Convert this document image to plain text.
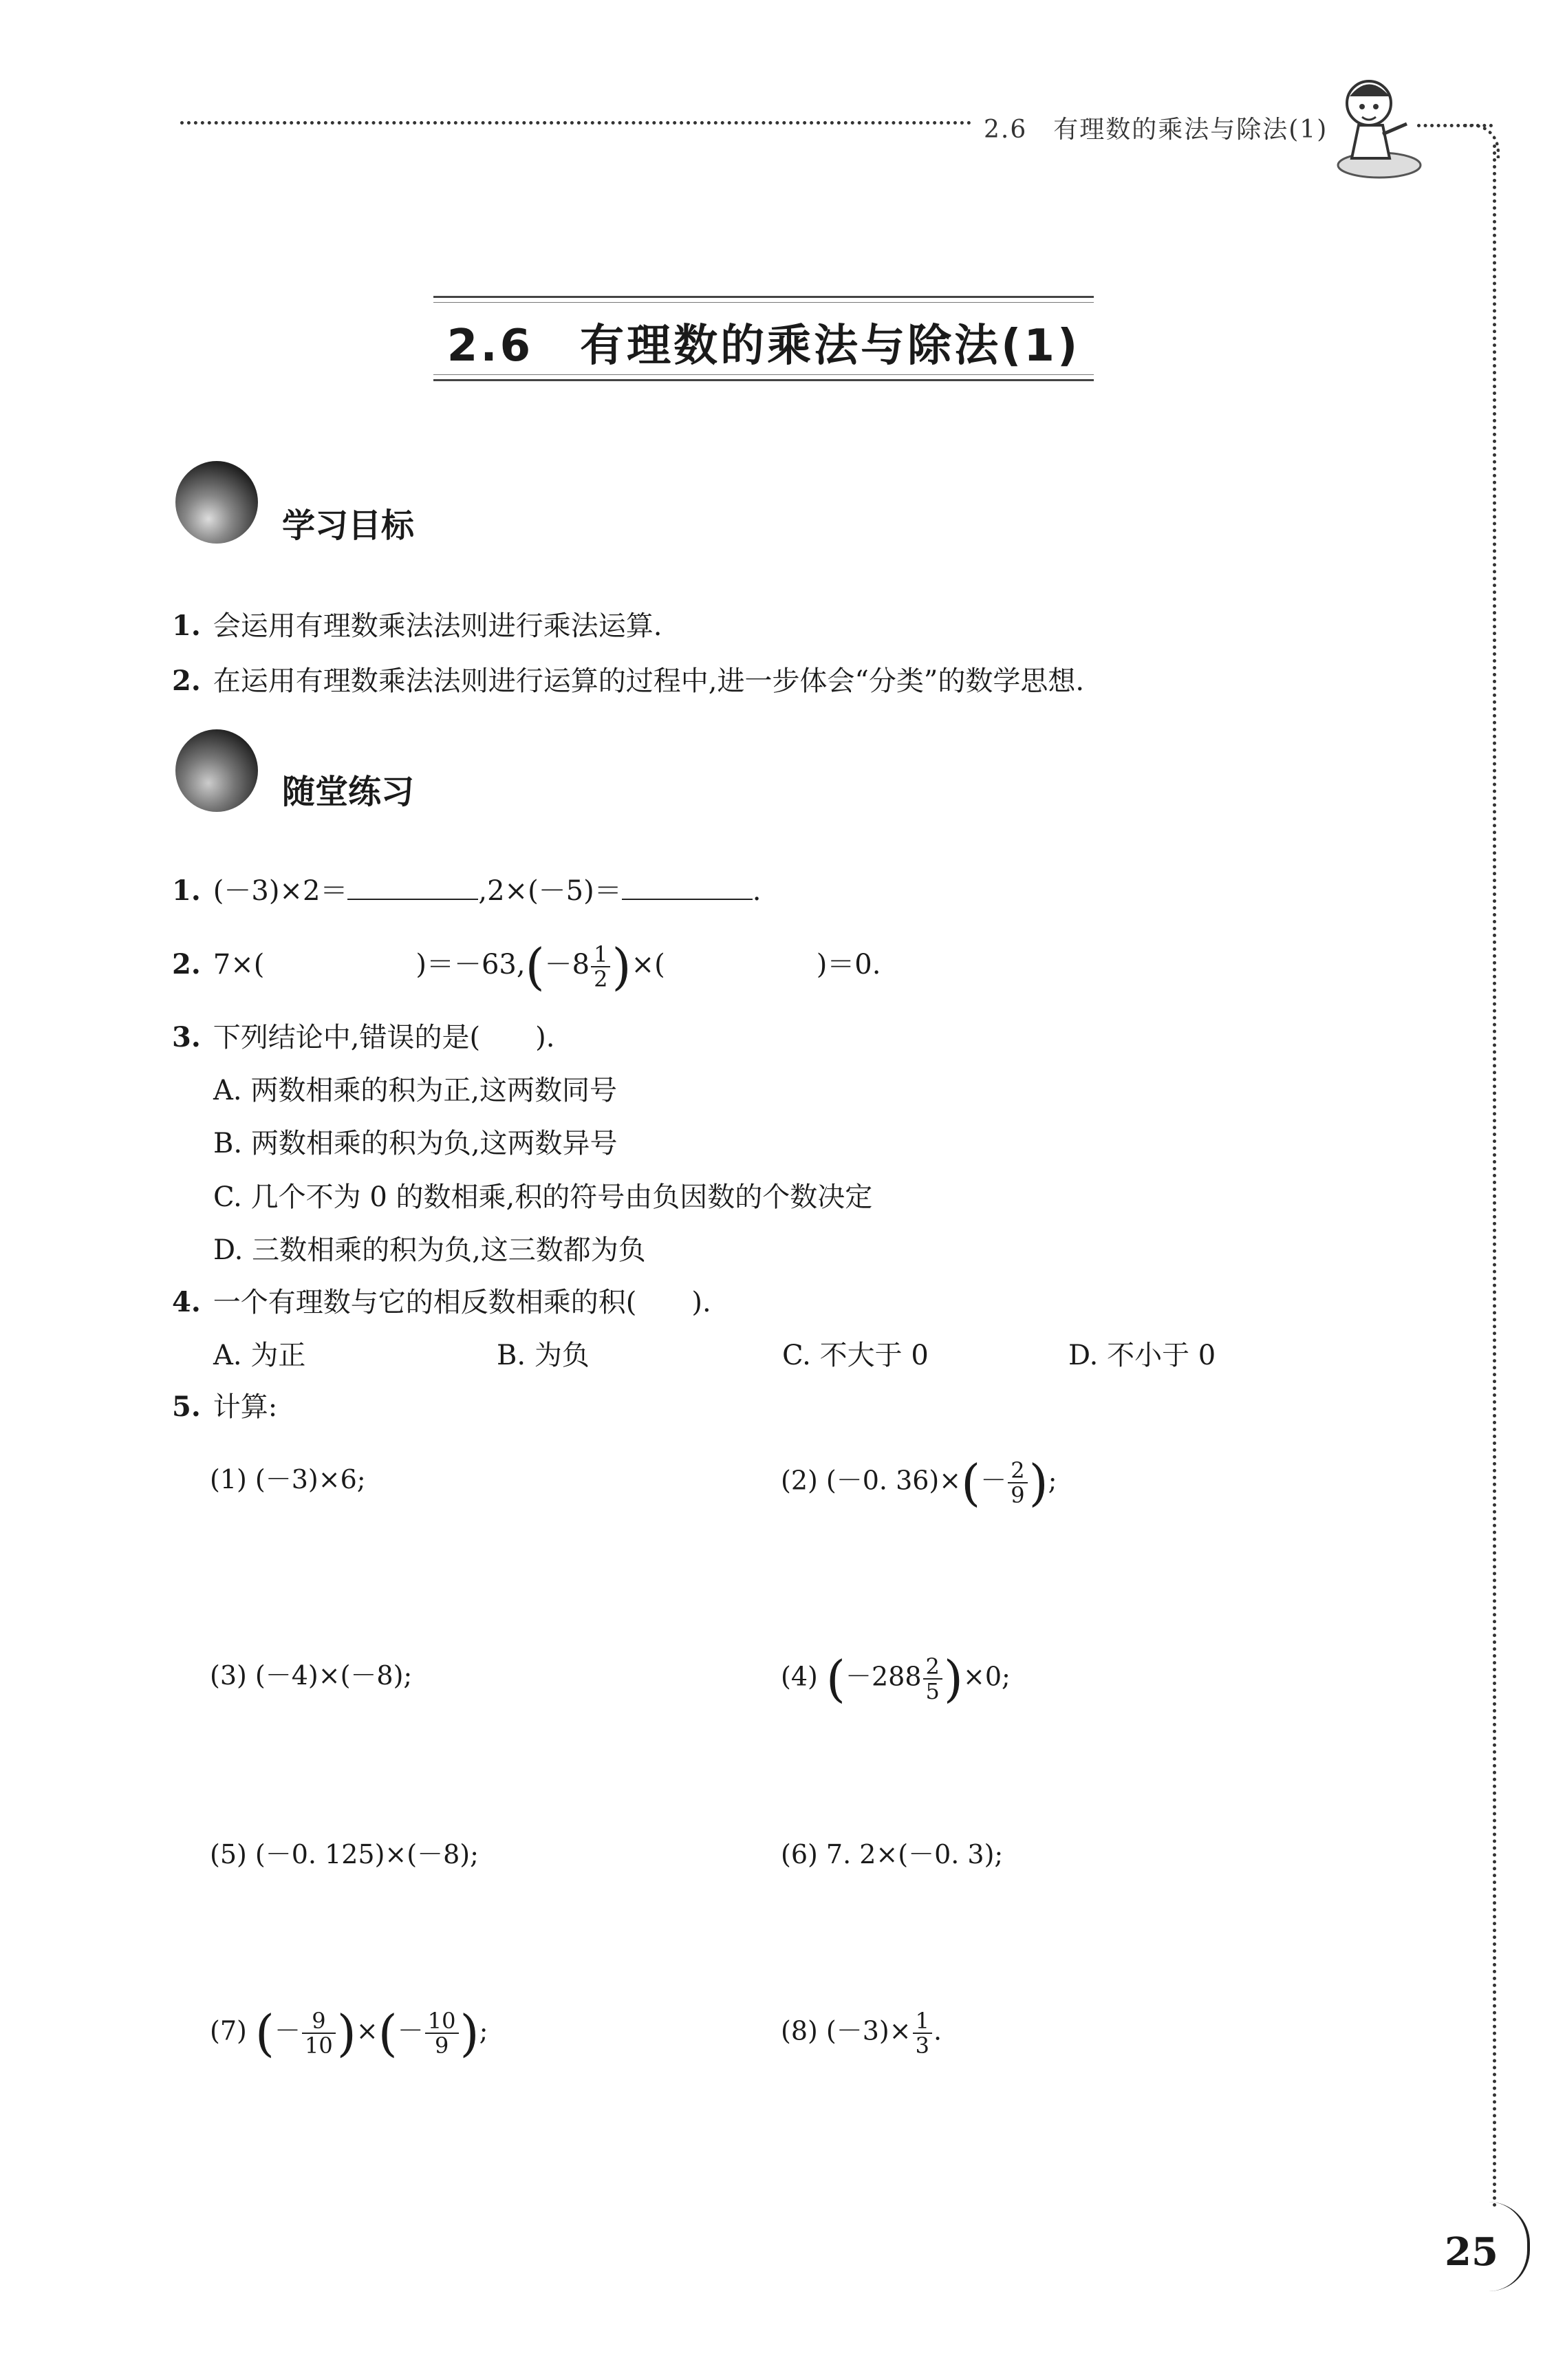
2.6　有理数的乘法与除法(1)
2.6　有理数的乘法与除法(1)
学习目标
1. 会运用有理数乘法法则进行乘法运算.
2. 在运用有理数乘法法则进行运算的过程中,进一步体会“分类”的数学思想.
随堂练习
1. (－3)×2＝	,2×(－5)＝	.
2. 7×(	)$=-63,(-8 \frac{1}{2}$ )×(	)＝0.
3. 下列结论中,错误的是(　　).
A. 两数相乘的积为正,这两数同号
B. 两数相乘的积为负,这两数异号
C. 几个不为 0 的数相乘,积的符号由负因数的个数决定
D. 三数相乘的积为负,这三数都为负
4. 一个有理数与它的相反数相乘的积(　　).
A. 为正	B. 为负	C. 不大于 0	D. 不小于 0
5. 计算:
(1) (－3)×6;	(2) (－0. $36)\times(- \frac{2}{9}$ );
(3) (－4)×(－8);	(4) $(-288 \frac{2}{5} )\times 0$;
(5) (－0. 125)×(－8);	(6) 7. 2×(－0. 3);
(7) (－ $\frac{9}{10}$ )×(－ $\frac{10}{9}$ );	(8) $(-3)\times \frac{1}{3}$ .
25
